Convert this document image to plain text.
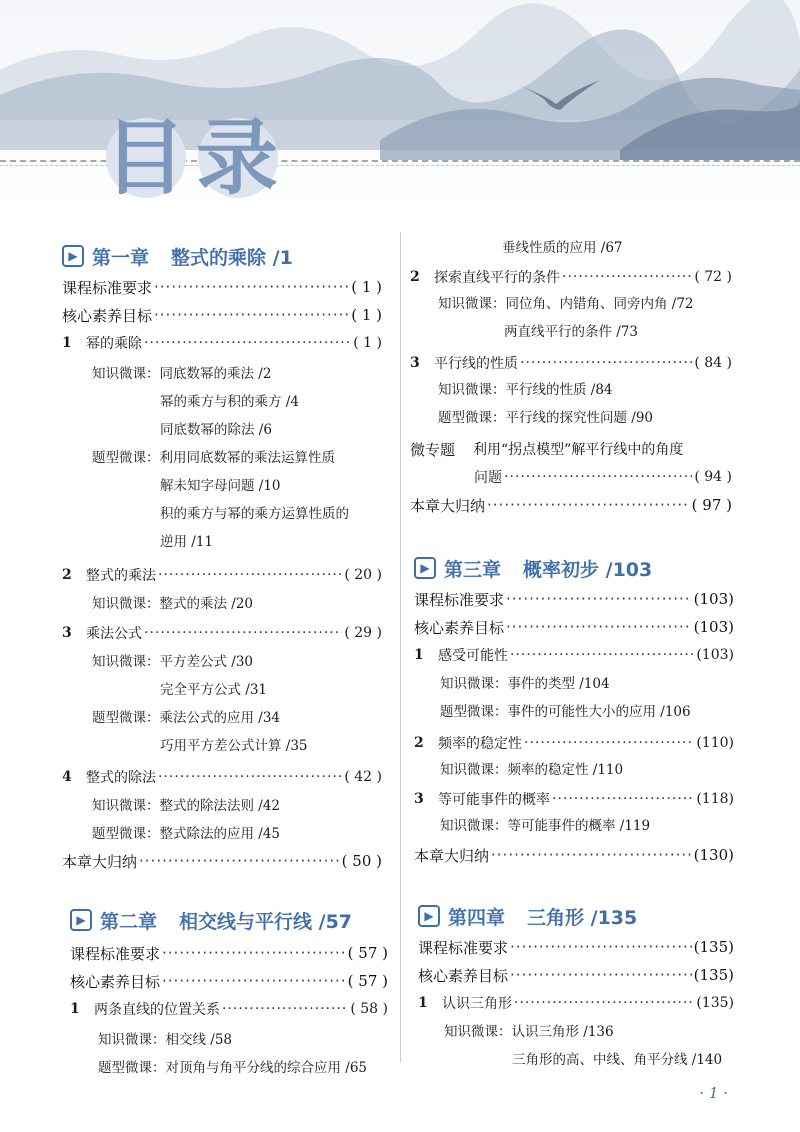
目 录
▶ 第一章 整式的乘除 /1
课程标准要求 ·····	( 1 )
核心素养目标 ·····	( 1 )
1	幂的乘除 ·····	( 1 )
知识微课：同底数幂的乘法 /2
幂的乘方与积的乘方 /4
同底数幂的除法 /6
题型微课：利用同底数幂的乘法运算性质
解未知字母问题 /10
积的乘方与幂的乘方运算性质的
逆用 /11
2	整式的乘法 ·····	( 20 )
知识微课：整式的乘法 /20
3	乘法公式 ·····	( 29 )
知识微课：平方差公式 /30
完全平方公式 /31
题型微课：乘法公式的应用 /34
巧用平方差公式计算 /35
4	整式的除法 ·····	( 42 )
知识微课：整式的除法法则 /42
题型微课：整式除法的应用 /45
本章大归纳 ·····	( 50 )
▶ 第二章 相交线与平行线 /57
课程标准要求 ·····	( 57 )
核心素养目标 ·····	( 57 )
1	两条直线的位置关系 ·····	( 58 )
知识微课：相交线 /58
题型微课：对顶角与角平分线的综合应用 /65
垂线性质的应用 /67
2	探索直线平行的条件 ·····	( 72 )
知识微课：同位角、内错角、同旁内角 /72
两直线平行的条件 /73
3	平行线的性质 ·····	( 84 )
知识微课：平行线的性质 /84
题型微课：平行线的探究性问题 /90
微专题 利用“拐点模型”解平行线中的角度
问题 ·····	( 94 )
本章大归纳 ·····	( 97 )
▶ 第三章 概率初步 /103
课程标准要求 ·····	(103)
核心素养目标 ·····	(103)
1	感受可能性 ·····	(103)
知识微课：事件的类型 /104
题型微课：事件的可能性大小的应用 /106
2	频率的稳定性 ·····	(110)
知识微课：频率的稳定性 /110
3	等可能事件的概率 ·····	(118)
知识微课：等可能事件的概率 /119
本章大归纳 ·····	(130)
▶ 第四章 三角形 /135
课程标准要求 ·····	(135)
核心素养目标 ·····	(135)
1	认识三角形 ·····	(135)
知识微课：认识三角形 /136
三角形的高、中线、角平分线 /140
· 1 ·
